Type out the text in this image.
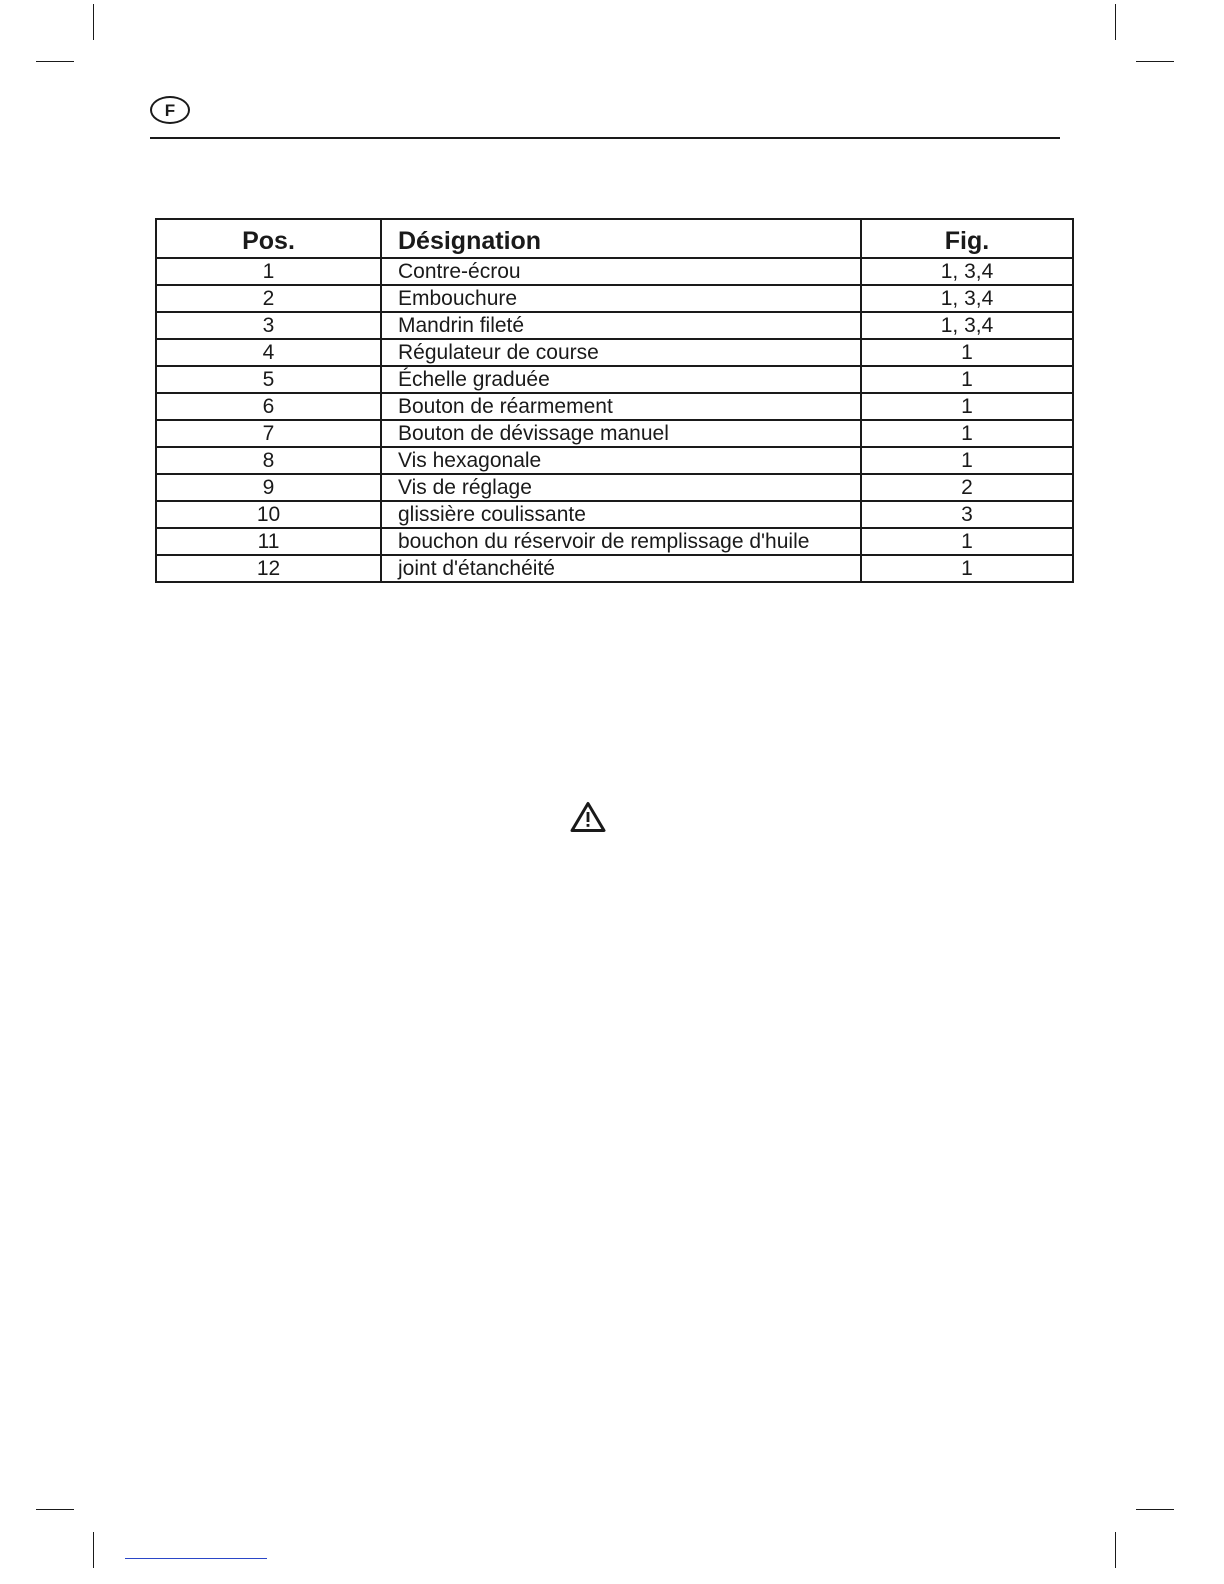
F
Pos.	Désignation	Fig.
1	Contre-écrou	1, 3,4
2	Embouchure	1, 3,4
3	Mandrin fileté	1, 3,4
4	Régulateur de course	1
5	Échelle graduée	1
6	Bouton de réarmement	1
7	Bouton de dévissage manuel	1
8	Vis hexagonale	1
9	Vis de réglage	2
10	glissière coulissante	3
11	bouchon du réservoir de remplissage d'huile	1
12	joint d'étanchéité	1
